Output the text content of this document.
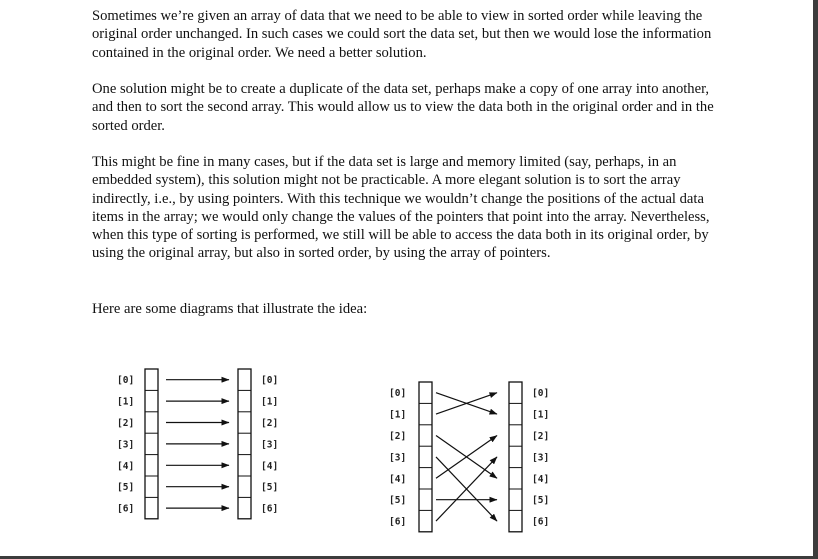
Sometimes we’re given an array of data that we need to be able to view in sorted order while leaving the original order unchanged. In such cases we could sort the data set, but then we would lose the information contained in the original order. We need a better solution.

One solution might be to create a duplicate of the data set, perhaps make a copy of one array into another, and then to sort the second array. This would allow us to view the data both in the original order and in the sorted order.

This might be fine in many cases, but if the data set is large and memory limited (say, perhaps, in an embedded system), this solution might not be practicable. A more elegant solution is to sort the array indirectly, i.e., by using pointers. With this technique we wouldn’t change the positions of the actual data items in the array; we would only change the values of the pointers that point into the array. Nevertheless, when this type of sorting is performed, we still will be able to access the data both in its original order, by using the original array, but also in sorted order, by using the array of pointers.

Here are some diagrams that illustrate the idea:

[0]	[0]
[1]	[1]
[2]	[2]
[3]	[3]
[4]	[4]
[5]	[5]
[6]	[6]
[0]	[0]
[1]	[1]
[2]	[2]
[3]	[3]
[4]	[4]
[5]	[5]
[6]	[6]
